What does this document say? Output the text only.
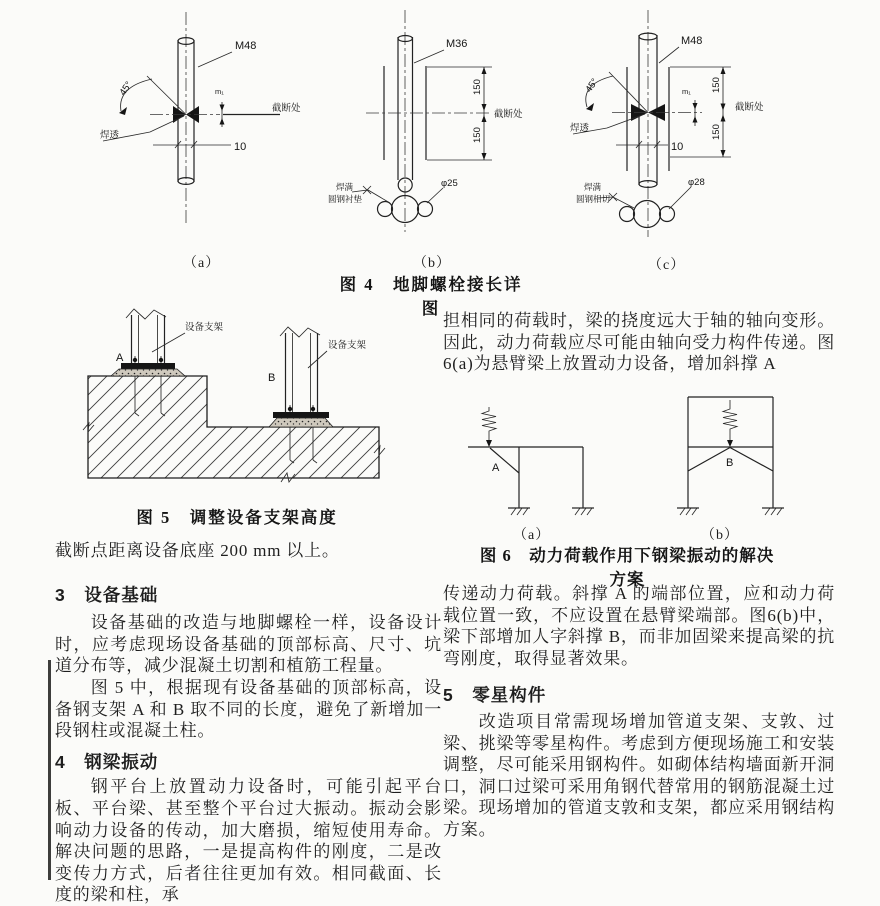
45°
M48
焊透
m₁
截断处
10
M36
150
150
截断处
焊满
圆钢衬垫
φ25
45°
焊透
m₁
10
M48
150
150
截断处
焊满
圆钢相切
φ28
（a）	（b）	（c）
图 4　地脚螺栓接长详图
A
B
设备支架
设备支架
图 5　调整设备支架高度
A	B
（a）	（b）
图 6　动力荷载作用下钢梁振动的解决方案

截断点距离设备底座 200 mm 以上。

3　设备基础

设备基础的改造与地脚螺栓一样，设备设计时，应考虑现场设备基础的顶部标高、尺寸、坑道分布等，减少混凝土切割和植筋工程量。

图 5 中，根据现有设备基础的顶部标高，设备钢支架 A 和 B 取不同的长度，避免了新增加一段钢柱或混凝土柱。

4　钢梁振动

钢平台上放置动力设备时，可能引起平台板、平台梁、甚至整个平台过大振动。振动会影响动力设备的传动，加大磨损，缩短使用寿命。解决问题的思路，一是提高构件的刚度，二是改变传力方式，后者往往更加有效。相同截面、长度的梁和柱，承

担相同的荷载时，梁的挠度远大于轴的轴向变形。因此，动力荷载应尽可能由轴向受力构件传递。图6(a)为悬臂梁上放置动力设备，增加斜撑 A

传递动力荷载。斜撑 A 的端部位置，应和动力荷载位置一致，不应设置在悬臂梁端部。图6(b)中，梁下部增加人字斜撑 B，而非加固梁来提高梁的抗弯刚度，取得显著效果。

5　零星构件

改造项目常需现场增加管道支架、支敦、过梁、挑梁等零星构件。考虑到方便现场施工和安装调整，尽可能采用钢构件。如砌体结构墙面新开洞口，洞口过梁可采用角钢代替常用的钢筋混凝土过梁。现场增加的管道支敦和支架，都应采用钢结构方案。
